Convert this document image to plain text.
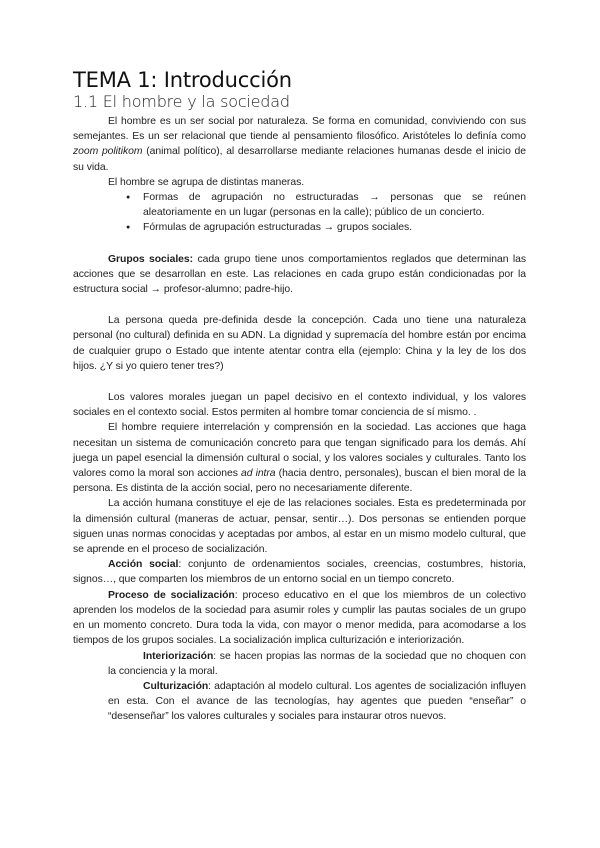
TEMA 1: Introducción
1.1 El hombre y la sociedad

El hombre es un ser social por naturaleza. Se forma en comunidad, conviviendo con sus semejantes. Es un ser relacional que tiende al pensamiento filosófico. Aristóteles lo definía como zoom politikom (animal político), al desarrollarse mediante relaciones humanas desde el inicio de su vida.

El hombre se agrupa de distintas maneras.

● Formas de agrupación no estructuradas → personas que se reúnen aleatoriamente en un lugar (personas en la calle); público de un concierto.
● Fórmulas de agrupación estructuradas → grupos sociales.

Grupos sociales: cada grupo tiene unos comportamientos reglados que determinan las acciones que se desarrollan en este. Las relaciones en cada grupo están condicionadas por la estructura social → profesor-alumno; padre-hijo.

La persona queda pre-definida desde la concepción. Cada uno tiene una naturaleza personal (no cultural) definida en su ADN. La dignidad y supremacía del hombre están por encima de cualquier grupo o Estado que intente atentar contra ella (ejemplo: China y la ley de los dos hijos. ¿Y si yo quiero tener tres?)

Los valores morales juegan un papel decisivo en el contexto individual, y los valores sociales en el contexto social. Estos permiten al hombre tomar conciencia de sí mismo. .

El hombre requiere interrelación y comprensión en la sociedad. Las acciones que haga necesitan un sistema de comunicación concreto para que tengan significado para los demás. Ahí juega un papel esencial la dimensión cultural o social, y los valores sociales y culturales. Tanto los valores como la moral son acciones ad intra (hacia dentro, personales), buscan el bien moral de la persona. Es distinta de la acción social, pero no necesariamente diferente.

La acción humana constituye el eje de las relaciones sociales. Esta es predeterminada por la dimensión cultural (maneras de actuar, pensar, sentir…). Dos personas se entienden porque siguen unas normas conocidas y aceptadas por ambos, al estar en un mismo modelo cultural, que se aprende en el proceso de socialización.

Acción social: conjunto de ordenamientos sociales, creencias, costumbres, historia, signos…, que comparten los miembros de un entorno social en un tiempo concreto.

Proceso de socialización: proceso educativo en el que los miembros de un colectivo aprenden los modelos de la sociedad para asumir roles y cumplir las pautas sociales de un grupo en un momento concreto. Dura toda la vida, con mayor o menor medida, para acomodarse a los tiempos de los grupos sociales. La socialización implica culturización e interiorización.

Interiorización: se hacen propias las normas de la sociedad que no choquen con la conciencia y la moral.

Culturización: adaptación al modelo cultural. Los agentes de socialización influyen en esta. Con el avance de las tecnologías, hay agentes que pueden “enseñar” o “desenseñar” los valores culturales y sociales para instaurar otros nuevos.
